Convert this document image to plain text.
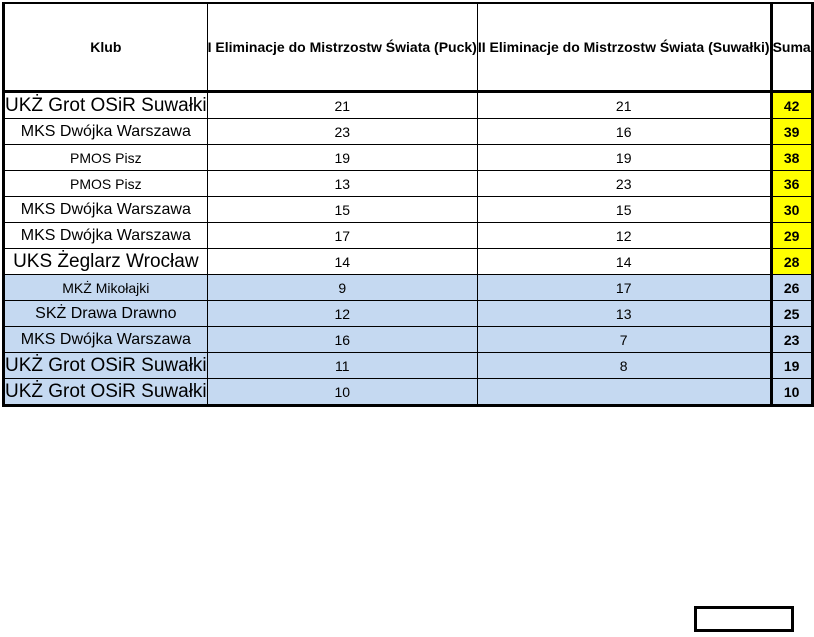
Klub	I Eliminacje do Mistrzostw Świata (Puck)	II Eliminacje do Mistrzostw Świata (Suwałki)		Suma
UKŻ Grot OSiR Suwałki	21	21		42
MKS Dwójka Warszawa	23	16		39
PMOS Pisz	19	19		38
PMOS Pisz	13	23		36
MKS Dwójka Warszawa	15	15		30
MKS Dwójka Warszawa	17	12		29
UKS Żeglarz Wrocław	14	14		28
MKŻ Mikołajki	9	17		26
SKŻ Drawa Drawno	12	13		25
MKS Dwójka Warszawa	16	7		23
UKŻ Grot OSiR Suwałki	11	8		19
UKŻ Grot OSiR Suwałki	10			10
